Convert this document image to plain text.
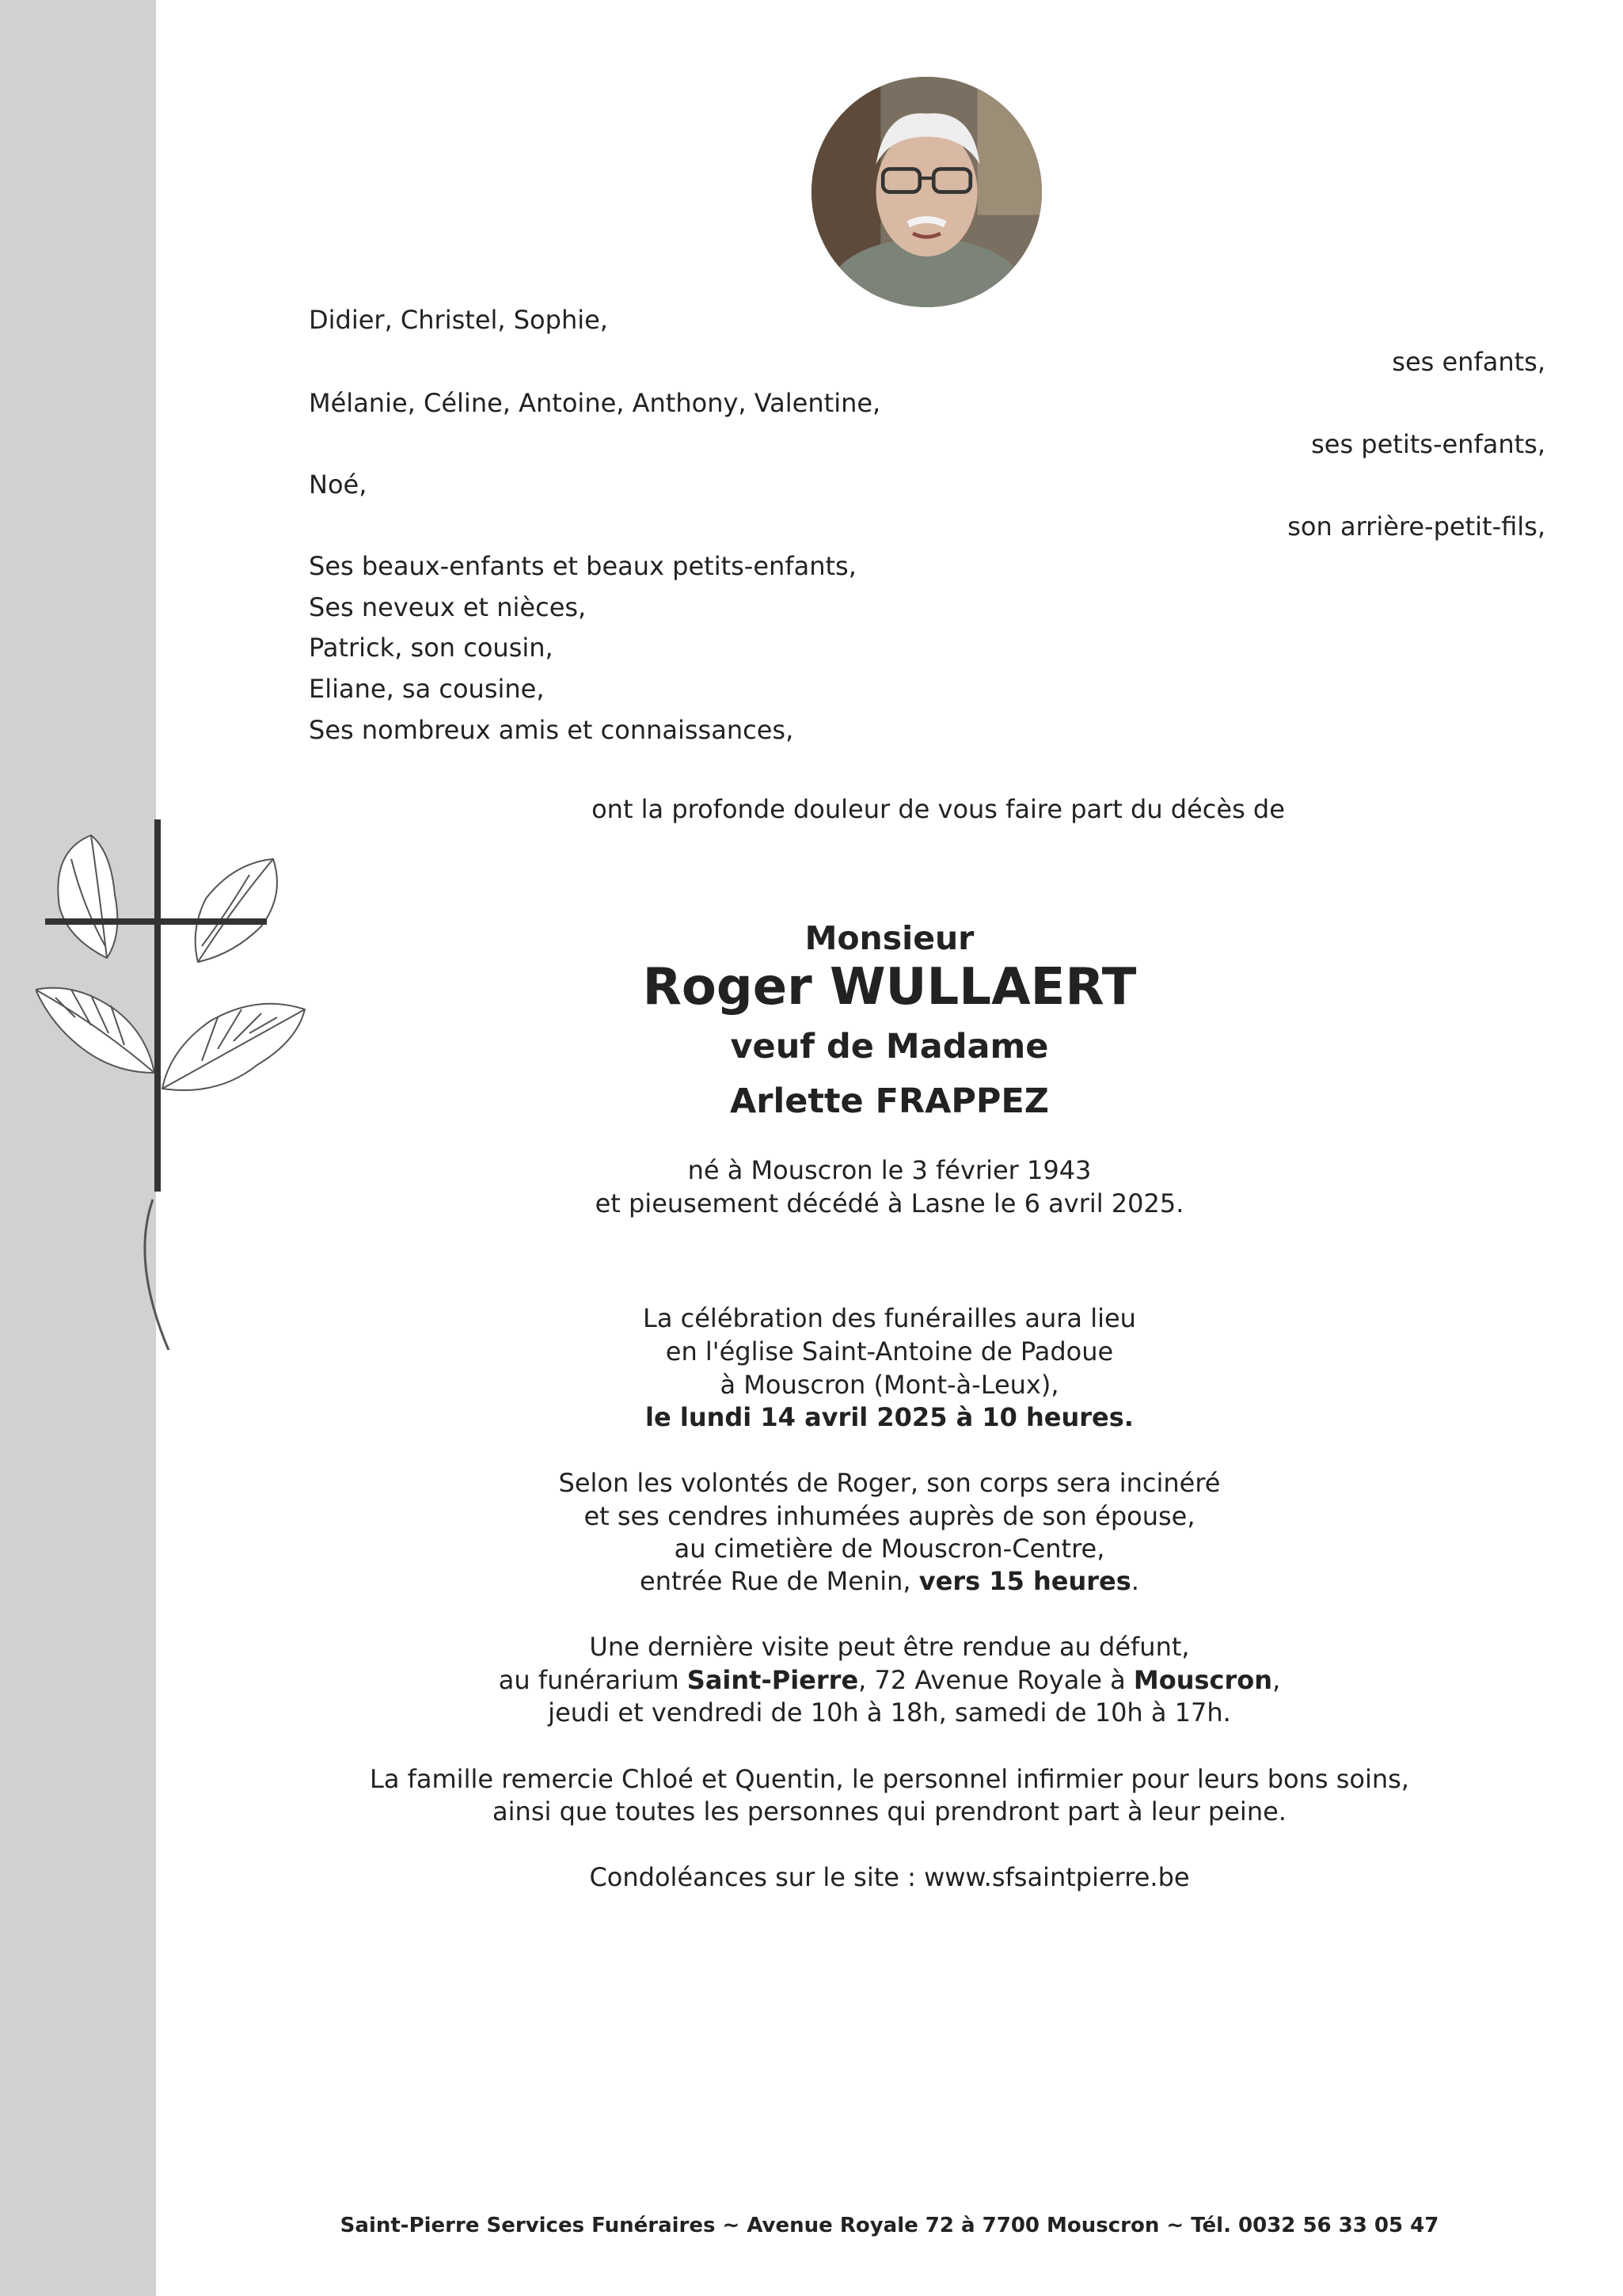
Didier, Christel, Sophie,
ses enfants,
Mélanie, Céline, Antoine, Anthony, Valentine,
ses petits-enfants,
Noé,
son arrière-petit-fils,
Ses beaux-enfants et beaux petits-enfants,
Ses neveux et nièces,
Patrick, son cousin,
Eliane, sa cousine,
Ses nombreux amis et connaissances,
ont la profonde douleur de vous faire part du décès de
Monsieur
Roger WULLAERT
veuf de Madame
Arlette FRAPPEZ
né à Mouscron le 3 février 1943
et pieusement décédé à Lasne le 6 avril 2025.
La célébration des funérailles aura lieu
en l'église Saint-Antoine de Padoue
à Mouscron (Mont-à-Leux),
le lundi 14 avril 2025 à 10 heures.
Selon les volontés de Roger, son corps sera incinéré
et ses cendres inhumées auprès de son épouse,
au cimetière de Mouscron-Centre,
entrée Rue de Menin, vers 15 heures.
Une dernière visite peut être rendue au défunt,
au funérarium Saint-Pierre, 72 Avenue Royale à Mouscron,
jeudi et vendredi de 10h à 18h, samedi de 10h à 17h.
La famille remercie Chloé et Quentin, le personnel infirmier pour leurs bons soins,
ainsi que toutes les personnes qui prendront part à leur peine.
Condoléances sur le site : www.sfsaintpierre.be
Saint-Pierre Services Funéraires ~ Avenue Royale 72 à 7700 Mouscron ~ Tél. 0032 56 33 05 47
